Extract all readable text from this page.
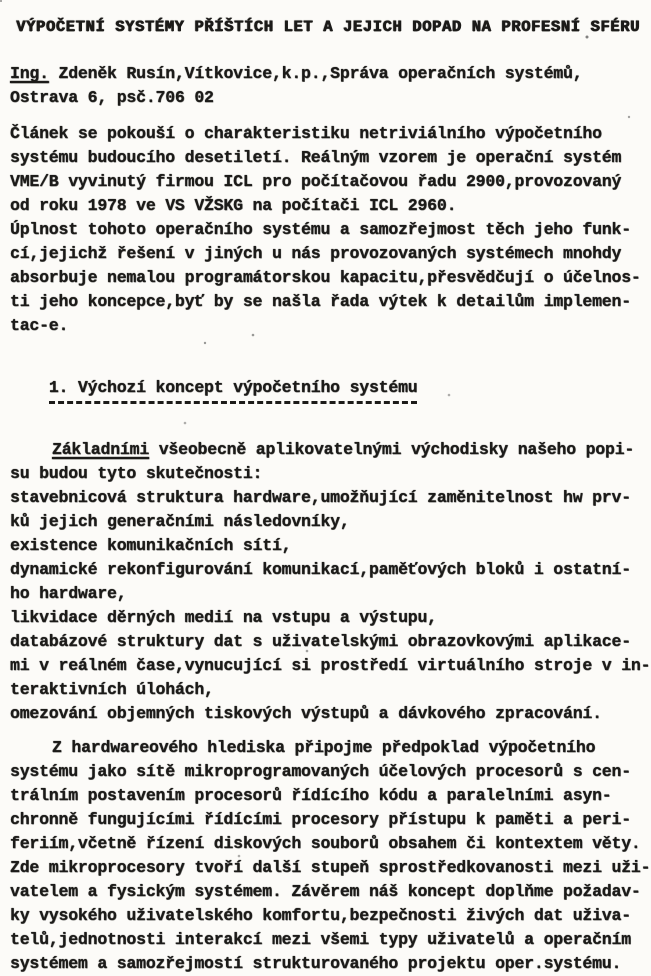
VÝPOČETNÍ SYSTÉMY PŘÍŠTÍCH LET A JEJICH DOPAD NA PROFESNÍ SFÉRU
Ing. Zdeněk Rusín,Vítkovice,k.p.,Správa operačních systémů,
Ostrava 6, psč.706 02
Článek se pokouší o charakteristiku netriviálního výpočetního
systému budoucího desetiletí. Reálným vzorem je operační systém
VME/B vyvinutý firmou ICL pro počítačovou řadu 2900,provozovaný
od roku 1978 ve VS VŽSKG na počítači ICL 2960.
Úplnost tohoto operačního systému a samozřejmost těch jeho funk-
cí,jejichž řešení v jiných u nás provozovaných systémech mnohdy
absorbuje nemalou programátorskou kapacitu,přesvědčují o účelnos-
ti jeho koncepce,byť by se našla řada výtek k detailům implemen-
tac-e.

1. Výchozí koncept výpočetního systému

Základními všeobecně aplikovatelnými východisky našeho popi-
su budou tyto skutečnosti:
stavebnicová struktura hardware,umožňující zaměnitelnost hw prv-
ků jejich generačními následovníky,
existence komunikačních sítí,
dynamické rekonfigurování komunikací,paměťových bloků i ostatní-
ho hardware,
likvidace děrných medií na vstupu a výstupu,
databázové struktury dat s uživatelskými obrazovkovými aplikace-
mi v reálném čase,vynucující si prostředí virtuálního stroje v in-
teraktivních úlohách,
omezování objemných tiskových výstupů a dávkového zpracování.
Z hardwareového hlediska připojme předpoklad výpočetního
systému jako sítě mikroprogramovaných účelových procesorů s cen-
trálním postavením procesorů řídícího kódu a paralelními asyn-
chronně fungujícími řídícími procesory přístupu k paměti a peri-
feriím,včetně řízení diskových souborů obsahem či kontextem věty.
Zde mikroprocesory tvoří další stupeň sprostředkovanosti mezi uži-
vatelem a fysickým systémem. Závěrem náš koncept doplňme požadav-
ky vysokého uživatelského komfortu,bezpečnosti živých dat uživa-
telů,jednotnosti interakcí mezi všemi typy uživatelů a operačním
systémem a samozřejmostí strukturovaného projektu oper.systému.
